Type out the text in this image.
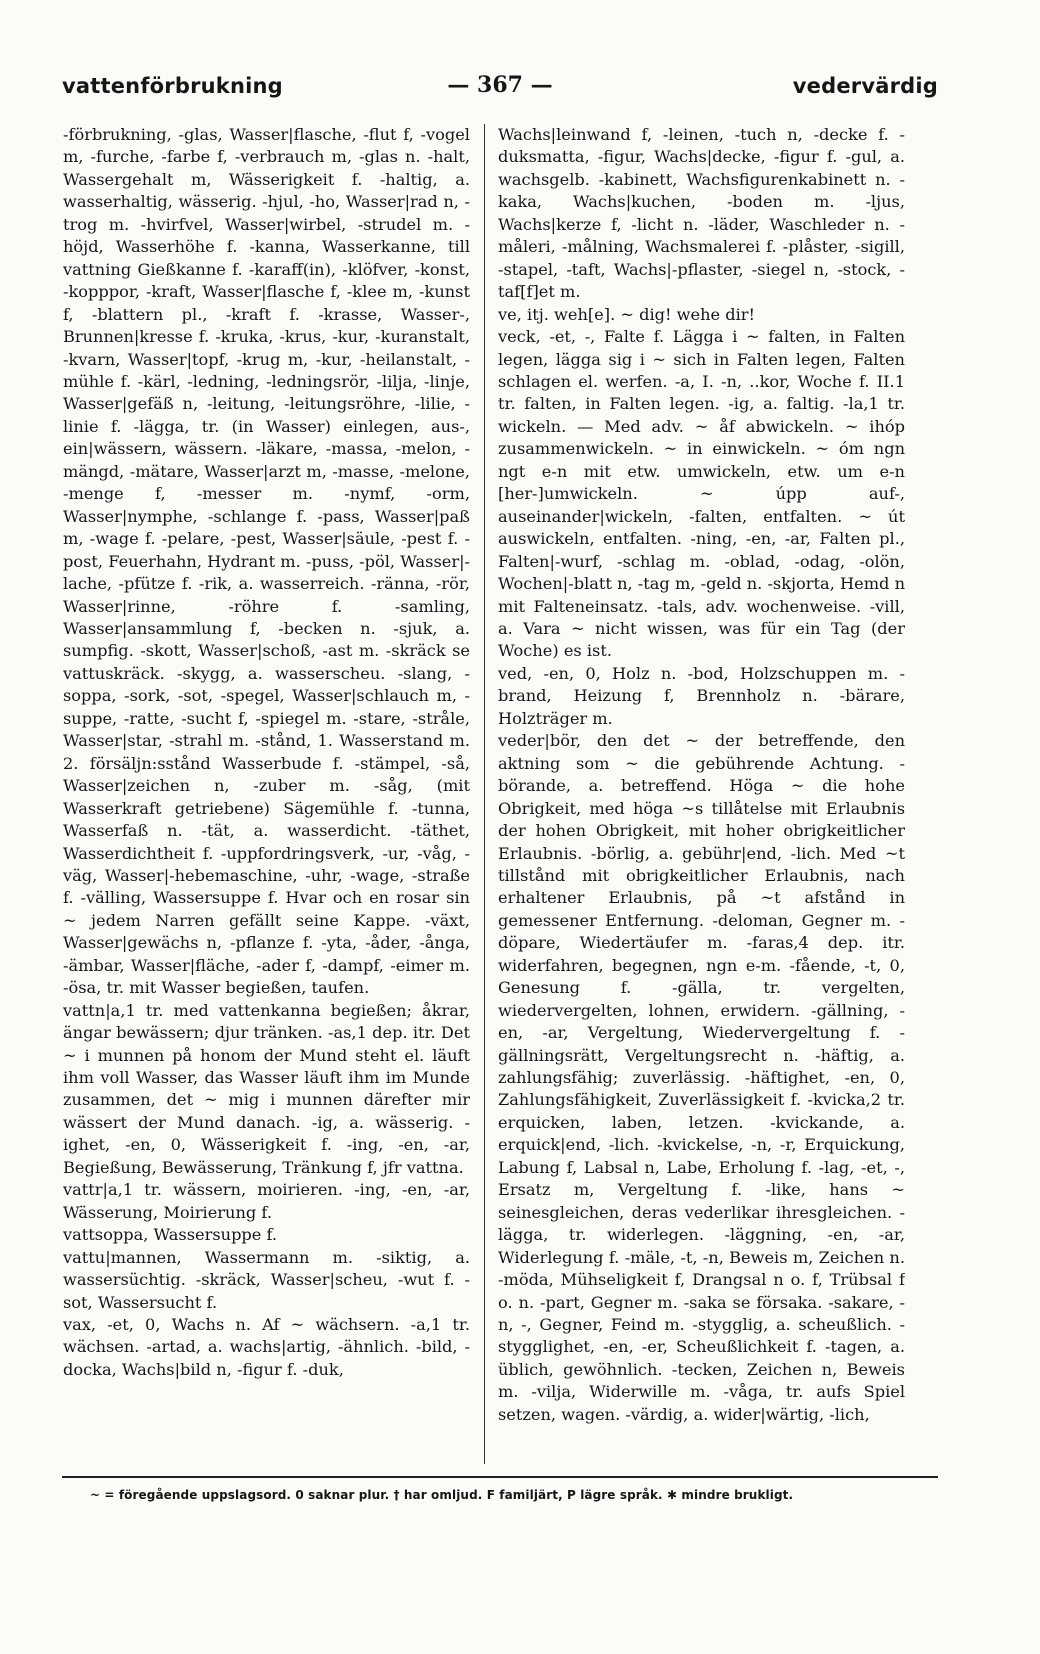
vattenförbrukning	— 367 —	vedervärdig

-förbrukning, -glas, Wasser|flasche, -flut f, -vogel m, -furche, -farbe f, -verbrauch m, -glas n. -halt, Wassergehalt m, Wässerigkeit f. -haltig, a. wasserhaltig, wässerig. -hjul, -ho, Wasser|rad n, -trog m. -hvirfvel, Wasser|wirbel, -strudel m. -höjd, Wasserhöhe f. -kanna, Wasserkanne, till vattning Gießkanne f. -karaff(in), -klöfver, -konst, -kopppor, -kraft, Wasser|flasche f, -klee m, -kunst f, -blattern pl., -kraft f. -krasse, Wasser-, Brunnen|kresse f. -kruka, -krus, -kur, -kuranstalt, -kvarn, Wasser|topf, -krug m, -kur, -heilanstalt, -mühle f. -kärl, -ledning, -ledningsrör, -lilja, -linje, Wasser|gefäß n, -leitung, -leitungsröhre, -lilie, -linie f. -lägga, tr. (in Wasser) einlegen, aus-, ein|wässern, wässern. -läkare, -massa, -melon, -mängd, -mätare, Wasser|arzt m, -masse, -melone, -menge f, -messer m. -nymf, -orm, Wasser|nymphe, -schlange f. -pass, Wasser|paß m, -wage f. -pelare, -pest, Wasser|säule, -pest f. -post, Feuerhahn, Hydrant m. -puss, -pöl, Wasser|-lache, -pfütze f. -rik, a. wasserreich. -ränna, -rör, Wasser|rinne, -röhre f. -samling, Wasser|ansammlung f, -becken n. -sjuk, a. sumpfig. -skott, Wasser|schoß, -ast m. -skräck se vattuskräck. -skygg, a. wasserscheu. -slang, -soppa, -sork, -sot, -spegel, Wasser|schlauch m, -suppe, -ratte, -sucht f, -spiegel m. -stare, -stråle, Wasser|star, -strahl m. -stånd, 1. Wasserstand m. 2. försäljn:sstånd Wasserbude f. -stämpel, -så, Wasser|zeichen n, -zuber m. -såg, (mit Wasserkraft getriebene) Sägemühle f. -tunna, Wasserfaß n. -tät, a. wasserdicht. -täthet, Wasserdichtheit f. -uppfordringsverk, -ur, -våg, -väg, Wasser|-hebemaschine, -uhr, -wage, -straße f. -välling, Wassersuppe f. Hvar och en rosar sin ~ jedem Narren gefällt seine Kappe. -växt, Wasser|gewächs n, -pflanze f. -yta, -åder, -ånga, -ämbar, Wasser|fläche, -ader f, -dampf, -eimer m. -ösa, tr. mit Wasser begießen, taufen.

vattn|a,1 tr. med vattenkanna begießen; åkrar, ängar bewässern; djur tränken. -as,1 dep. itr. Det ~ i munnen på honom der Mund steht el. läuft ihm voll Wasser, das Wasser läuft ihm im Munde zusammen, det ~ mig i munnen därefter mir wässert der Mund danach. -ig, a. wässerig. -ighet, -en, 0, Wässerigkeit f. -ing, -en, -ar, Begießung, Bewässerung, Tränkung f, jfr vattna.

vattr|a,1 tr. wässern, moirieren. -ing, -en, -ar, Wässerung, Moirierung f.

vattsoppa, Wassersuppe f.

vattu|mannen, Wassermann m. -siktig, a. wassersüchtig. -skräck, Wasser|scheu, -wut f. -sot, Wassersucht f.

vax, -et, 0, Wachs n. Af ~ wächsern. -a,1 tr. wächsen. -artad, a. wachs|artig, -ähnlich. -bild, -docka, Wachs|bild n, -figur f. -duk,

Wachs|leinwand f, -leinen, -tuch n, -decke f. -duksmatta, -figur, Wachs|decke, -figur f. -gul, a. wachsgelb. -kabinett, Wachsfigurenkabinett n. -kaka, Wachs|kuchen, -boden m. -ljus, Wachs|kerze f, -licht n. -läder, Waschleder n. -måleri, -målning, Wachsmalerei f. -plåster, -sigill, -stapel, -taft, Wachs|-pflaster, -siegel n, -stock, -taf[f]et m.

ve, itj. weh[e]. ~ dig! wehe dir!

veck, -et, -, Falte f. Lägga i ~ falten, in Falten legen, lägga sig i ~ sich in Falten legen, Falten schlagen el. werfen. -a, I. -n, ..kor, Woche f. II.1 tr. falten, in Falten legen. -ig, a. faltig. -la,1 tr. wickeln. — Med adv. ~ åf abwickeln. ~ ihóp zusammenwickeln. ~ in einwickeln. ~ óm ngn ngt e-n mit etw. umwickeln, etw. um e-n [her-]umwickeln. ~ úpp auf-, auseinander|wickeln, -falten, entfalten. ~ út auswickeln, entfalten. -ning, -en, -ar, Falten pl., Falten|-wurf, -schlag m. -oblad, -odag, -olön, Wochen|-blatt n, -tag m, -geld n. -skjorta, Hemd n mit Falteneinsatz. -tals, adv. wochenweise. -vill, a. Vara ~ nicht wissen, was für ein Tag (der Woche) es ist.

ved, -en, 0, Holz n. -bod, Holzschuppen m. -brand, Heizung f, Brennholz n. -bärare, Holzträger m.

veder|bör, den det ~ der betreffende, den aktning som ~ die gebührende Achtung. -börande, a. betreffend. Höga ~ die hohe Obrigkeit, med höga ~s tillåtelse mit Erlaubnis der hohen Obrigkeit, mit hoher obrigkeitlicher Erlaubnis. -börlig, a. gebühr|end, -lich. Med ~t tillstånd mit obrigkeitlicher Erlaubnis, nach erhaltener Erlaubnis, på ~t afstånd in gemessener Entfernung. -deloman, Gegner m. -döpare, Wiedertäufer m. -faras,4 dep. itr. widerfahren, begegnen, ngn e-m. -fående, -t, 0, Genesung f. -gälla, tr. vergelten, wiedervergelten, lohnen, erwidern. -gällning, -en, -ar, Vergeltung, Wiedervergeltung f. -gällningsrätt, Vergeltungsrecht n. -häftig, a. zahlungsfähig; zuverlässig. -häftighet, -en, 0, Zahlungsfähigkeit, Zuverlässigkeit f. -kvicka,2 tr. erquicken, laben, letzen. -kvickande, a. erquick|end, -lich. -kvickelse, -n, -r, Erquickung, Labung f, Labsal n, Labe, Erholung f. -lag, -et, -, Ersatz m, Vergeltung f. -like, hans ~ seinesgleichen, deras vederlikar ihresgleichen. -lägga, tr. widerlegen. -läggning, -en, -ar, Widerlegung f. -mäle, -t, -n, Beweis m, Zeichen n. -möda, Mühseligkeit f, Drangsal n o. f, Trübsal f o. n. -part, Gegner m. -saka se försaka. -sakare, -n, -, Gegner, Feind m. -stygglig, a. scheußlich. -stygglighet, -en, -er, Scheußlichkeit f. -tagen, a. üblich, gewöhnlich. -tecken, Zeichen n, Beweis m. -vilja, Widerwille m. -våga, tr. aufs Spiel setzen, wagen. -värdig, a. wider|wärtig, -lich,

~ = föregående uppslagsord. 0 saknar plur. † har omljud. F familjärt, P lägre språk. ✱ mindre brukligt.
